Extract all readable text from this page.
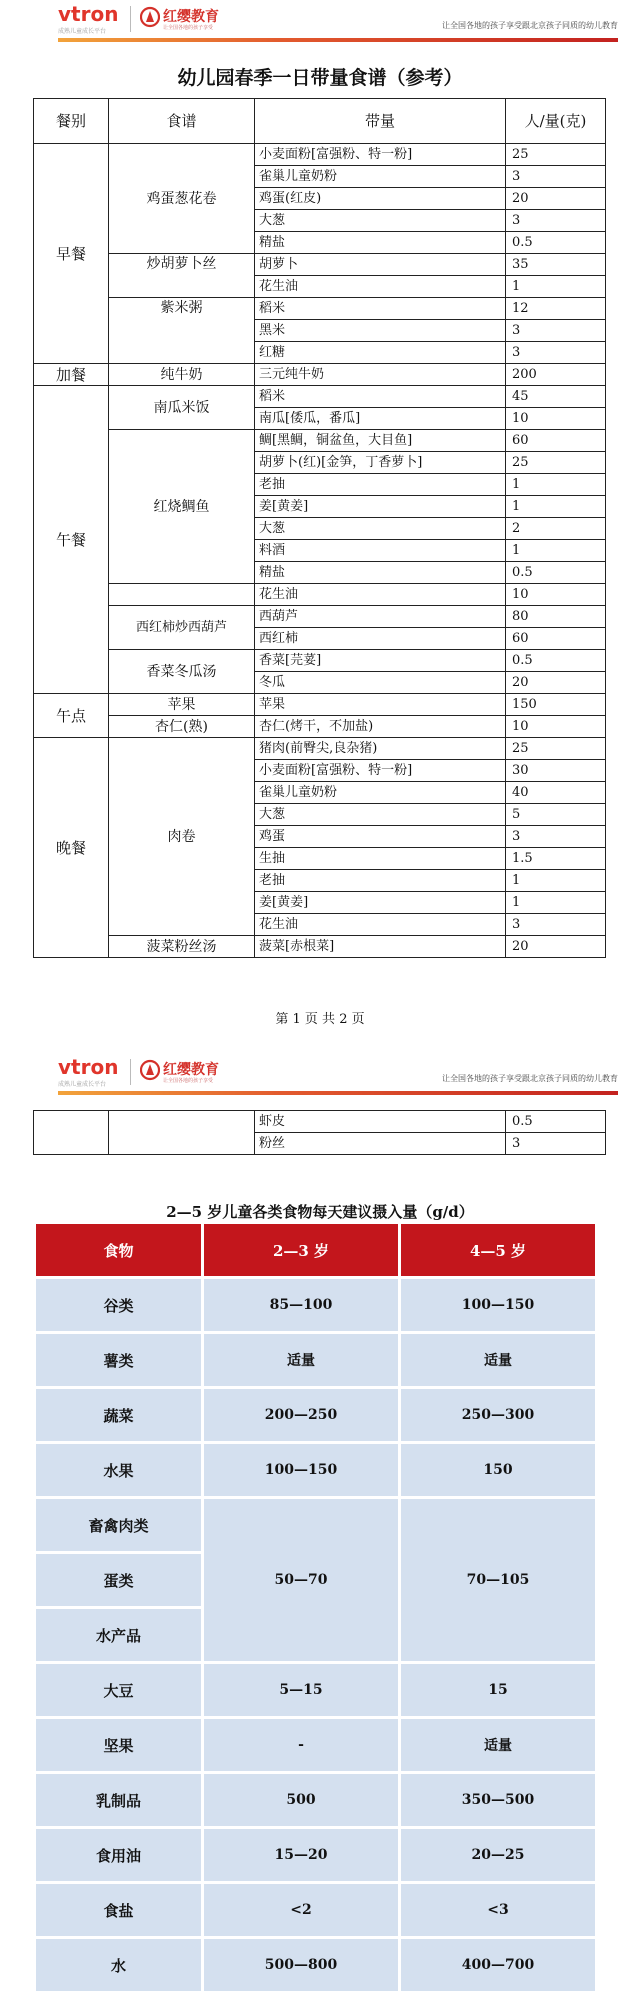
vtron
成熟儿童成长平台
红缨教育
让全国各地的孩子享受	让全国各地的孩子享受跟北京孩子同质的幼儿教育
幼儿园春季一日带量食谱（参考）
餐别	食谱	带量	人/量(克)
早餐	鸡蛋葱花卷	小麦面粉[富强粉、特一粉]	25
		雀巢儿童奶粉	3
		鸡蛋(红皮)	20
		大葱	3
		精盐	0.5
	炒胡萝卜丝	胡萝卜	35
		花生油	1
	紫米粥	稻米	12
		黑米	3
		红糖	3
加餐	纯牛奶	三元纯牛奶	200
午餐	南瓜米饭	稻米	45
		南瓜[倭瓜，番瓜]	10
	红烧鲷鱼	鲷[黑鲷，铜盆鱼，大目鱼]	60
		胡萝卜(红)[金笋，丁香萝卜]	25
		老抽	1
		姜[黄姜]	1
		大葱	2
		料酒	1
		精盐	0.5
		花生油	10
	西红柿炒西葫芦	西葫芦	80
		西红柿	60
	香菜冬瓜汤	香菜[芫荽]	0.5
		冬瓜	20
午点	苹果	苹果	150
	杏仁(熟)	杏仁(烤干，不加盐)	10
晚餐	肉卷	猪肉(前臀尖,良杂猪)	25
		小麦面粉[富强粉、特一粉]	30
		雀巢儿童奶粉	40
		大葱	5
		鸡蛋	3
		生抽	1.5
		老抽	1
		姜[黄姜]	1
		花生油	3
	菠菜粉丝汤	菠菜[赤根菜]	20
第 1 页 共 2 页
vtron
成熟儿童成长平台
红缨教育
让全国各地的孩子享受	让全国各地的孩子享受跟北京孩子同质的幼儿教育
		虾皮	0.5
		粉丝	3
2—5 岁儿童各类食物每天建议摄入量（g/d）
食物	2—3 岁	4—5 岁
谷类	85—100	100—150
薯类	适量	适量
蔬菜	200—250	250—300
水果	100—150	150
畜禽肉类	50—70	70—105
蛋类		
水产品		
大豆	5—15	15
坚果	-	适量
乳制品	500	350—500
食用油	15—20	20—25
食盐	<2	<3
水	500—800	400—700
